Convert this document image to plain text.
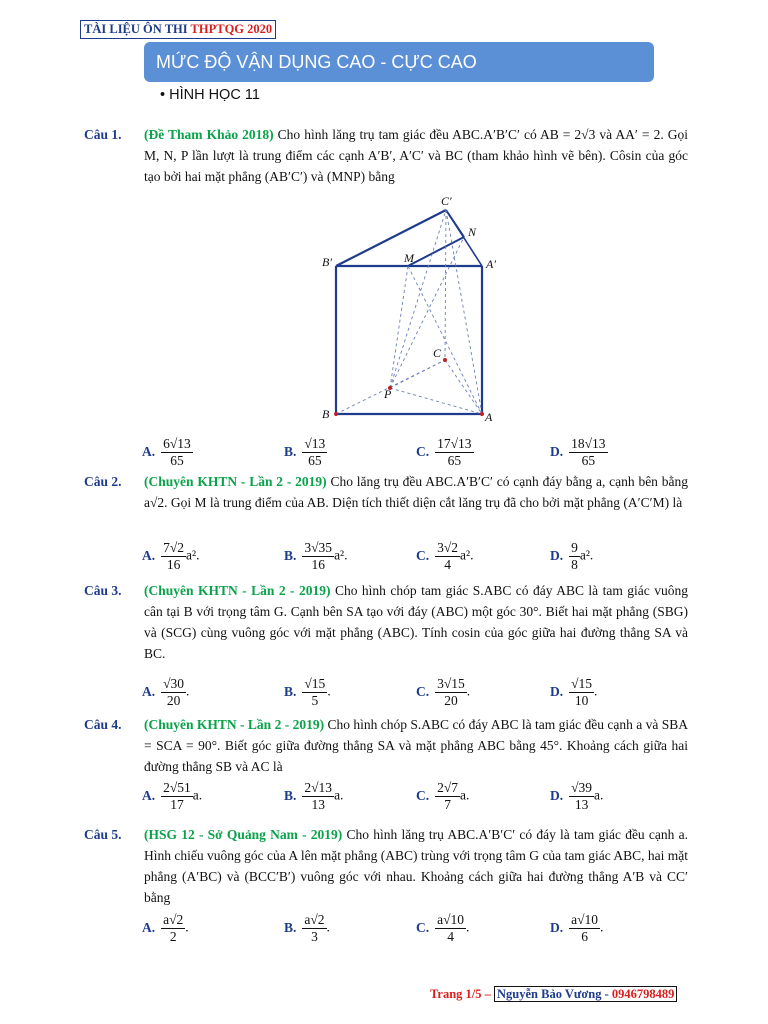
TÀI LIỆU ÔN THI THPTQG 2020
MỨC ĐỘ VẬN DỤNG CAO - CỰC CAO
• HÌNH HỌC 11
Câu 1. (Đề Tham Khảo 2018) Cho hình lăng trụ tam giác đều ABC.A′B′C′ có AB = 2√3 và AA′ = 2. Gọi M, N, P lần lượt là trung điểm các cạnh A′B′, A′C′ và BC (tham khảo hình vẽ bên). Côsin của góc tạo bởi hai mặt phẳng (AB′C′) và (MNP) bằng
C′
N
B′	M	A′
C
P
B	A
A. $\frac{6√13}{65}$	B. $\frac{√13}{65}$	C. $\frac{17√13}{65}$	D. $\frac{18√13}{65}$
Câu 2. (Chuyên KHTN - Lần 2 - 2019) Cho lăng trụ đều ABC.A′B′C′ có cạnh đáy bằng a, cạnh bên bằng a√2. Gọi M là trung điểm của AB. Diện tích thiết diện cắt lăng trụ đã cho bởi mặt phẳng (A′C′M) là
A. $\frac{7√2}{16} a^2$.	B. $\frac{3√35}{16} a^2$.	C. $\frac{3√2}{4} a^2$.	D. $\frac{9}{8} a^2$.
Câu 3. (Chuyên KHTN - Lần 2 - 2019) Cho hình chóp tam giác S.ABC có đáy ABC là tam giác vuông cân tại B với trọng tâm G. Cạnh bên SA tạo với đáy (ABC) một góc 30°. Biết hai mặt phẳng (SBG) và (SCG) cùng vuông góc với mặt phẳng (ABC). Tính cosin của góc giữa hai đường thẳng SA và BC.
A. $\frac{√30}{20}$ .	B. $\frac{√15}{5}$ .	C. $\frac{3√15}{20}$ .	D. $\frac{√15}{10}$ .
Câu 4. (Chuyên KHTN - Lần 2 - 2019) Cho hình chóp S.ABC có đáy ABC là tam giác đều cạnh a và SBA = SCA = 90°. Biết góc giữa đường thẳng SA và mặt phẳng ABC bằng 45°. Khoảng cách giữa hai đường thẳng SB và AC là
A. $\frac{2√51}{17} a$.	B. $\frac{2√13}{13} a$.	C. $\frac{2√7}{7} a$.	D. $\frac{√39}{13} a$.
Câu 5. (HSG 12 - Sở Quảng Nam - 2019) Cho hình lăng trụ ABC.A′B′C′ có đáy là tam giác đều cạnh a. Hình chiếu vuông góc của A lên mặt phẳng (ABC) trùng với trọng tâm G của tam giác ABC, hai mặt phẳng (A′BC) và (BCC′B′) vuông góc với nhau. Khoảng cách giữa hai đường thẳng A′B và CC′ bằng
A. $\frac{a√2}{2}$ .	B. $\frac{a√2}{3}$ .	C. $\frac{a√10}{4}$ .	D. $\frac{a√10}{6}$ .
Trang 1/5 – Nguyễn Bảo Vương - 0946798489
